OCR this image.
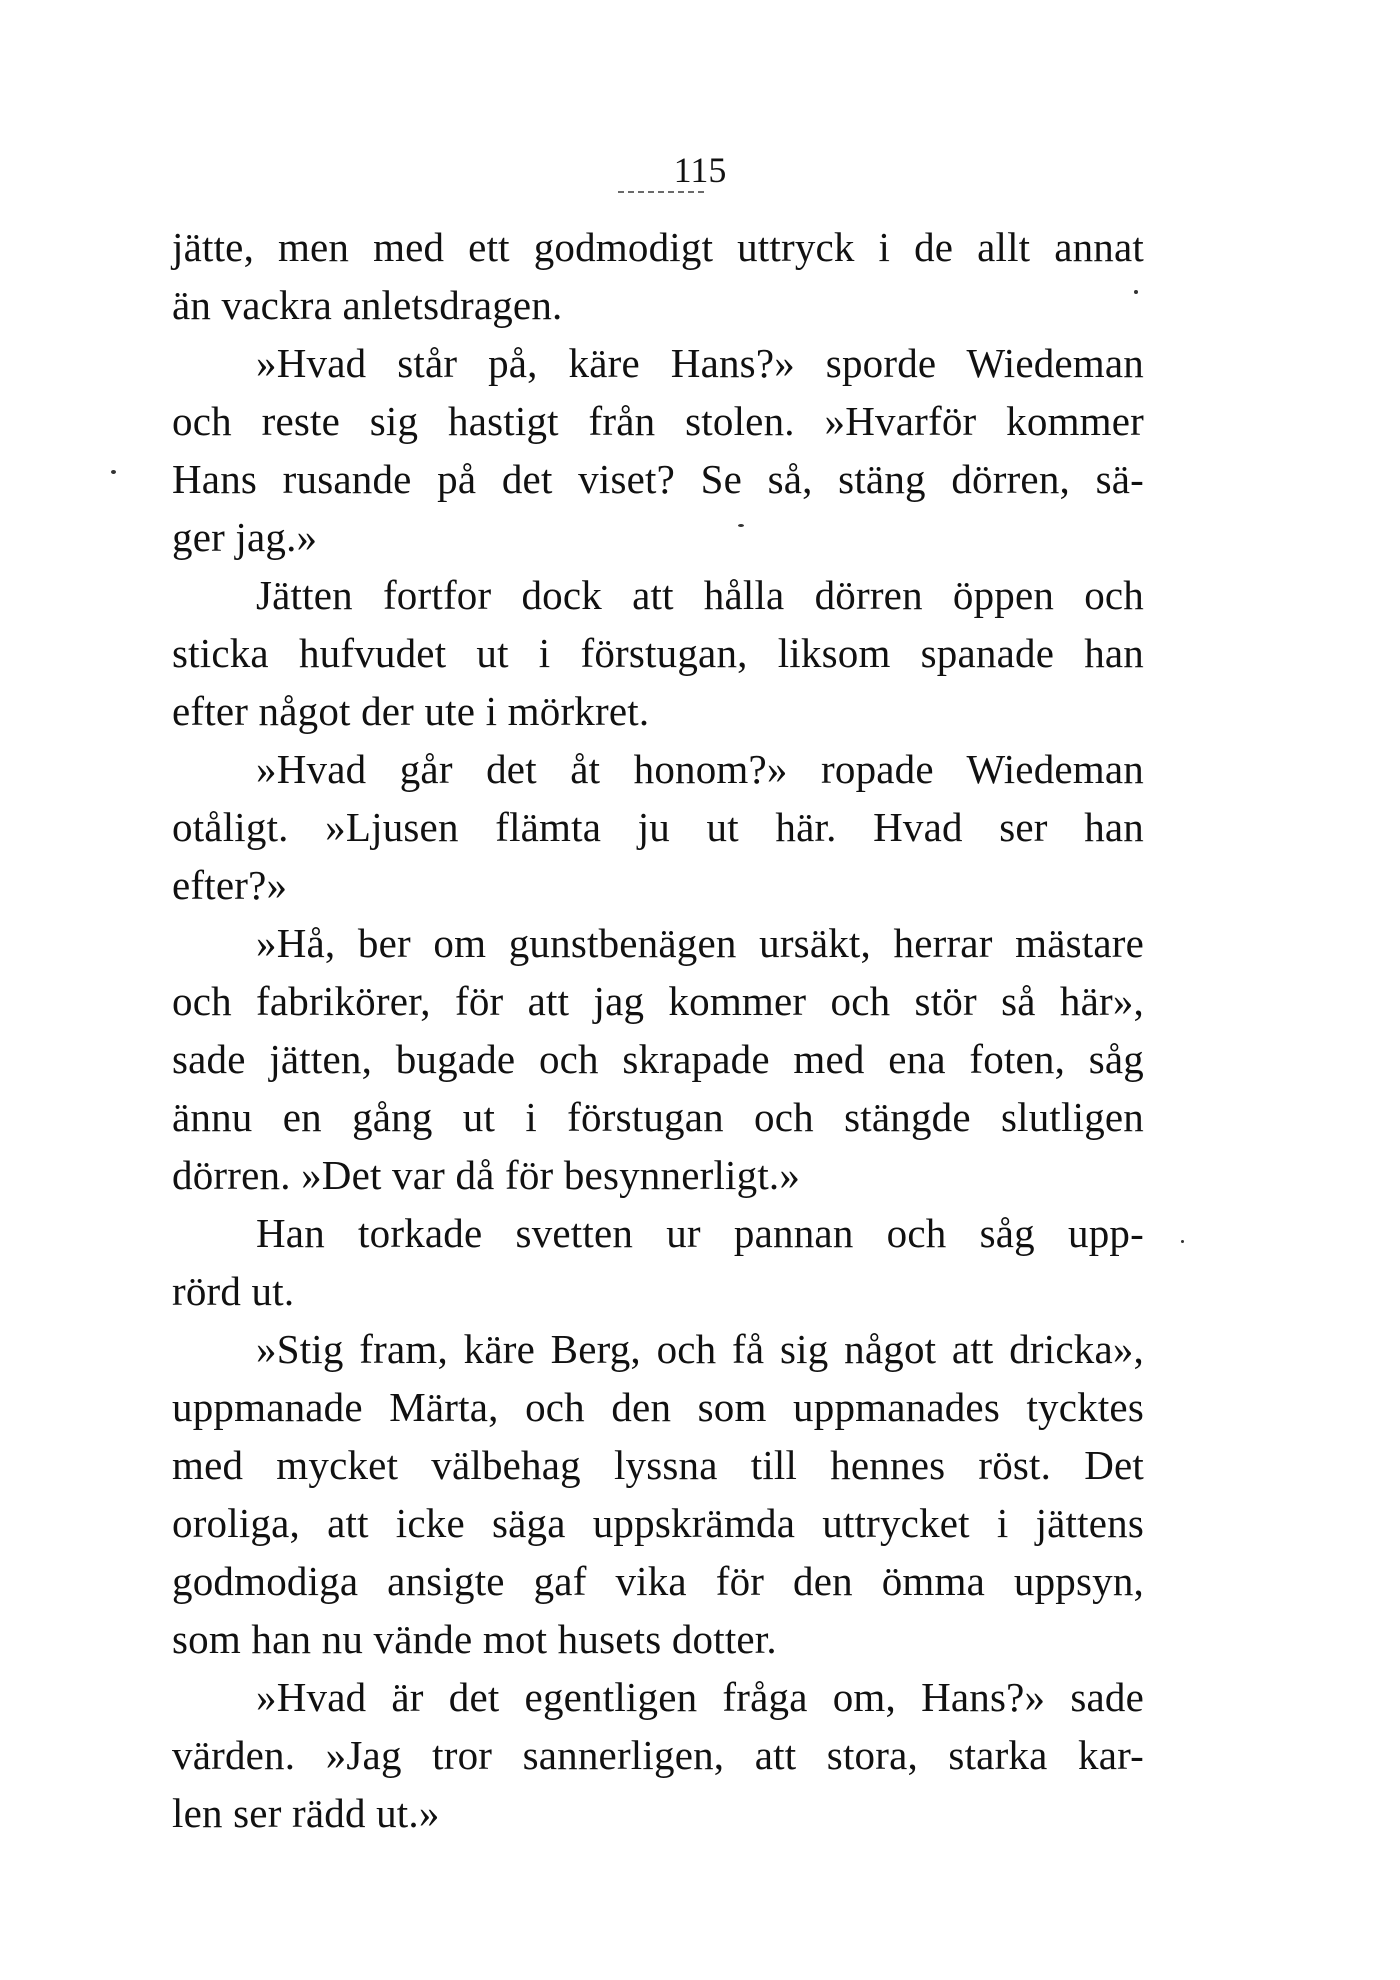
115
jätte, men med ett godmodigt uttryck i de allt annat
än vackra anletsdragen.
»Hvad står på, käre Hans?» sporde Wiedeman
och reste sig hastigt från stolen. »Hvarför kommer
Hans rusande på det viset? Se så, stäng dörren, sä-
ger jag.»
Jätten fortfor dock att hålla dörren öppen och
sticka hufvudet ut i förstugan, liksom spanade han
efter något der ute i mörkret.
»Hvad går det åt honom?» ropade Wiedeman
otåligt. »Ljusen flämta ju ut här. Hvad ser han
efter?»
»Hå, ber om gunstbenägen ursäkt, herrar mästare
och fabrikörer, för att jag kommer och stör så här»,
sade jätten, bugade och skrapade med ena foten, såg
ännu en gång ut i förstugan och stängde slutligen
dörren. »Det var då för besynnerligt.»
Han torkade svetten ur pannan och såg upp-
rörd ut.
»Stig fram, käre Berg, och få sig något att dricka»,
uppmanade Märta, och den som uppmanades tycktes
med mycket välbehag lyssna till hennes röst. Det
oroliga, att icke säga uppskrämda uttrycket i jättens
godmodiga ansigte gaf vika för den ömma uppsyn,
som han nu vände mot husets dotter.
»Hvad är det egentligen fråga om, Hans?» sade
värden. »Jag tror sannerligen, att stora, starka kar-
len ser rädd ut.»
